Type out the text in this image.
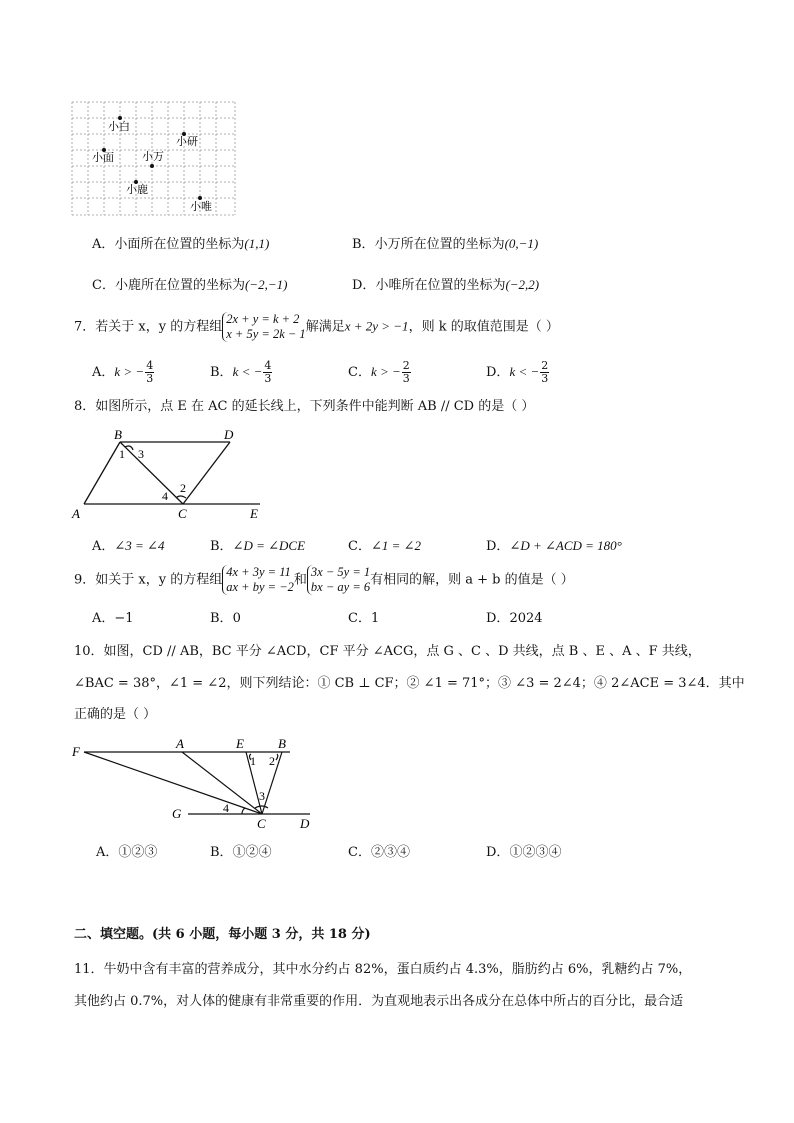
小白
小研
小面	小万
小鹿
小唯
A．小面所在位置的坐标为(1,1)	B．小万所在位置的坐标为(0,−1)
C．小鹿所在位置的坐标为(−2,−1)	D．小唯所在位置的坐标为(−2,2)
7．若关于 x，y 的方程组2x + y = k + 2
x + 5y = 2k − 1解满足x + 2y > −1，则 k 的取值范围是（ ）
A．k > − $\frac{4}{3}$	B．k < − $\frac{4}{3}$	C．k > − $\frac{2}{3}$	D．k < − $\frac{2}{3}$
8．如图所示，点 E 在 AC 的延长线上，下列条件中能判断 AB // CD 的是（ ）
B	D
A	C	E
1 3
2
4
A．∠3 = ∠4	B．∠D = ∠DCE	C．∠1 = ∠2	D．∠D + ∠ACD = 180°
9．如关于 x，y 的方程组4x + 3y = 11
ax + by = −2和3x − 5y = 1
bx − ay = 6有相同的解，则 a + b 的值是（ ）
A．−1	B．0	C．1	D．2024
10．如图，CD // AB，BC 平分 ∠ACD，CF 平分 ∠ACG，点 G 、C 、D 共线，点 B 、E 、A 、F 共线，
∠BAC = 38°，∠1 = ∠2，则下列结论：① CB ⊥ CF；② ∠1 = 71°；③ ∠3 = 2∠4；④ 2∠ACE = 3∠4．其中
正确的是（ ）
F
A	E	B
G
C	D
1 2
3
4
A．①②③	B．①②④	C．②③④	D．①②③④
二、填空题。(共 6 小题，每小题 3 分，共 18 分)
11．牛奶中含有丰富的营养成分，其中水分约占 82%，蛋白质约占 4.3%，脂肪约占 6%，乳糖约占 7%，
其他约占 0.7%，对人体的健康有非常重要的作用．为直观地表示出各成分在总体中所占的百分比，最合适
